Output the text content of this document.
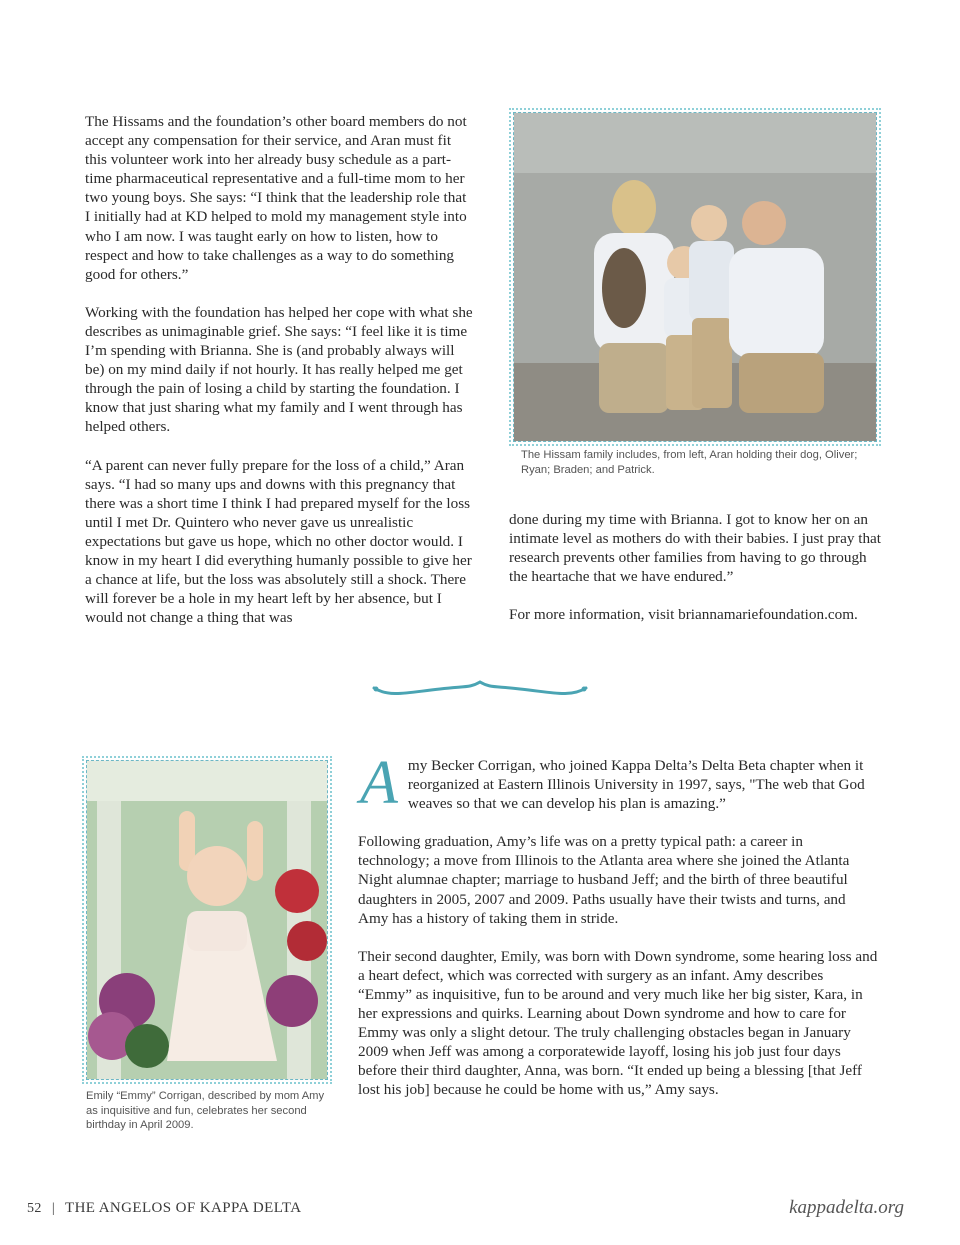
The Hissams and the foundation’s other board members do not accept any compensation for their service, and Aran must fit this volunteer work into her already busy schedule as a part-time pharmaceutical representative and a full-time mom to her two young boys. She says: “I think that the leadership role that I initially had at KD helped to mold my management style into who I am now. I was taught early on how to listen, how to respect and how to take challenges as a way to do something good for others.”

Working with the foundation has helped her cope with what she describes as unimaginable grief. She says: “I feel like it is time I’m spending with Brianna. She is (and probably always will be) on my mind daily if not hourly. It has really helped me get through the pain of losing a child by starting the foundation. I know that just sharing what my family and I went through has helped others.

“A parent can never fully prepare for the loss of a child,” Aran says. “I had so many ups and downs with this pregnancy that there was a short time I think I had prepared myself for the loss until I met Dr. Quintero who never gave us unrealistic expectations but gave us hope, which no other doctor would. I know in my heart I did everything humanly possible to give her a chance at life, but the loss was absolutely still a shock. There will forever be a hole in my heart left by her absence, but I would not change a thing that was

The Hissam family includes, from left, Aran holding their dog, Oliver; Ryan; Braden; and Patrick.

done during my time with Brianna. I got to know her on an intimate level as mothers do with their babies. I just pray that research prevents other families from having to go through the heartache that we have endured.”

For more information, visit briannamariefoundation.com.

Emily “Emmy” Corrigan, described by mom Amy as inquisitive and fun, celebrates her second birthday in April 2009.

Amy Becker Corrigan, who joined Kappa Delta’s Delta Beta chapter when it reorganized at Eastern Illinois University in 1997, says, "The web that God weaves so that we can develop his plan is amazing.”

Following graduation, Amy’s life was on a pretty typical path: a career in technology; a move from Illinois to the Atlanta area where she joined the Atlanta Night alumnae chapter; marriage to husband Jeff; and the birth of three beautiful daughters in 2005, 2007 and 2009. Paths usually have their twists and turns, and Amy has a history of taking them in stride.

Their second daughter, Emily, was born with Down syndrome, some hearing loss and a heart defect, which was corrected with surgery as an infant. Amy describes “Emmy” as inquisitive, fun to be around and very much like her big sister, Kara, in her expressions and quirks. Learning about Down syndrome and how to care for Emmy was only a slight detour. The truly challenging obstacles began in January 2009 when Jeff was among a corporatewide layoff, losing his job just four days before their third daughter, Anna, was born. “It ended up being a blessing [that Jeff lost his job] because he could be home with us,” Amy says.

52 | THE ANGELOS OF KAPPA DELTA	kappadelta.org
